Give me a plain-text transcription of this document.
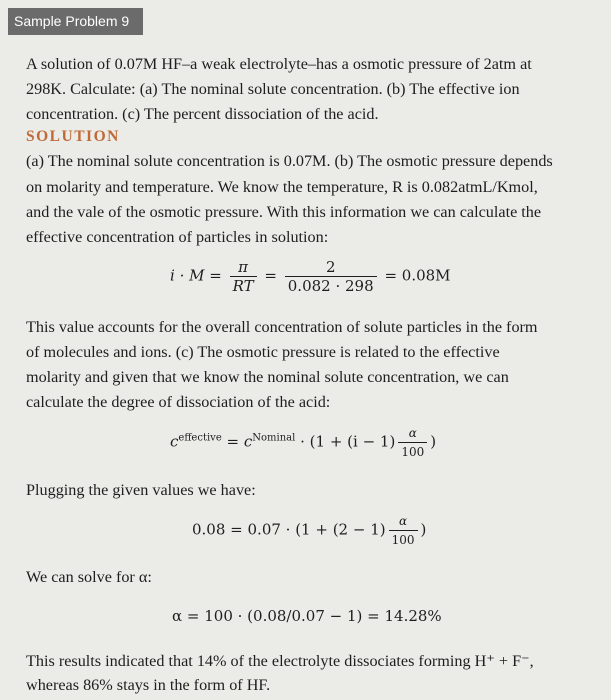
Sample Problem 9
A solution of 0.07M HF–a weak electrolyte–has a osmotic pressure of 2atm at
298K. Calculate: (a) The nominal solute concentration. (b) The effective ion
concentration. (c) The percent dissociation of the acid.
SOLUTION
(a) The nominal solute concentration is 0.07M. (b) The osmotic pressure depends
on molarity and temperature. We know the temperature, R is 0.082atmL/Kmol,
and the vale of the osmotic pressure. With this information we can calculate the
effective concentration of particles in solution:
$i \cdot M = \frac{\pi}{RT} = \frac{2}{0.082 \cdot 298} = 0.08M$
This value accounts for the overall concentration of solute particles in the form
of molecules and ions. (c) The osmotic pressure is related to the effective
molarity and given that we know the nominal solute concentration, we can
calculate the degree of dissociation of the acid:
$c^{effective} = c^{Nominal} \cdot (1 + (i - 1) \frac{\alpha}{100}$ )
Plugging the given values we have:
$0.08 = 0.07 \cdot (1 + (2 - 1) \frac{\alpha}{100}$ )
We can solve for α:
α = 100 · (0.08/0.07 − 1) = 14.28%
This results indicated that 14% of the electrolyte dissociates forming H⁺ + F⁻,
whereas 86% stays in the form of HF.
